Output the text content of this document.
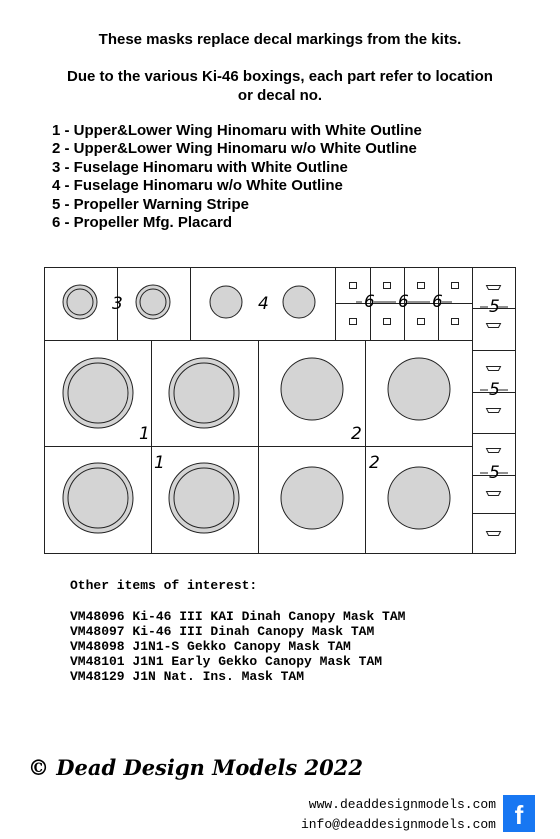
These masks replace decal markings from the kits.
Due to the various Ki-46 boxings, each part refer to location
or decal no.
1 - Upper&Lower Wing Hinomaru with White Outline
2 - Upper&Lower Wing Hinomaru w/o White Outline
3 - Fuselage Hinomaru with White Outline
4 - Fuselage Hinomaru w/o White Outline
5 - Propeller Warning Stripe
6 - Propeller Mfg. Placard
3	4	6 6 6	5
5
5
1
1
2
2
Other items of interest:
VM48096 Ki-46 III KAI Dinah Canopy Mask TAM
VM48097 Ki-46 III Dinah Canopy Mask TAM
VM48098 J1N1-S Gekko Canopy Mask TAM
VM48101 J1N1 Early Gekko Canopy Mask TAM
VM48129 J1N Nat. Ins. Mask TAM
© Dead Design Models 2022
www.deaddesignmodels.com
info@deaddesignmodels.com f
